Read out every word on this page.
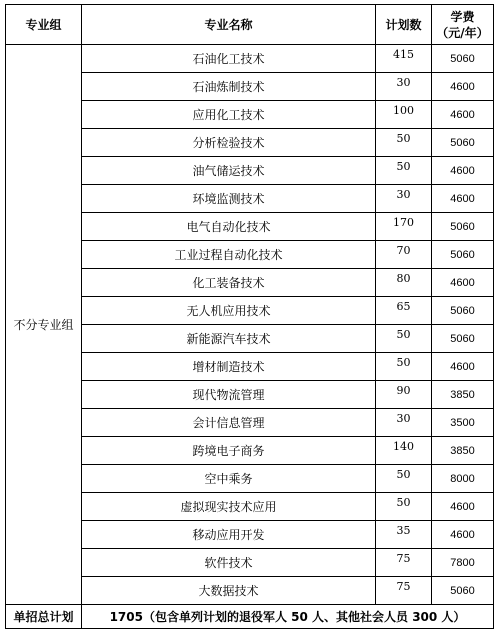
专业组	专业名称	计划数	学费
（元/年）

不分专业组	石油化工技术	415	5060
	石油炼制技术	30	4600
	应用化工技术	100	4600
	分析检验技术	50	5060
	油气储运技术	50	4600
	环境监测技术	30	4600
	电气自动化技术	170	5060
	工业过程自动化技术	70	5060
	化工装备技术	80	4600
	无人机应用技术	65	5060
	新能源汽车技术	50	5060
	增材制造技术	50	4600
	现代物流管理	90	3850
	会计信息管理	30	3500
	跨境电子商务	140	3850
	空中乘务	50	8000
	虚拟现实技术应用	50	4600
	移动应用开发	35	4600
	软件技术	75	7800
	大数据技术	75	5060
单招总计划	1705（包含单列计划的退役军人 50 人、其他社会人员 300 人）		
